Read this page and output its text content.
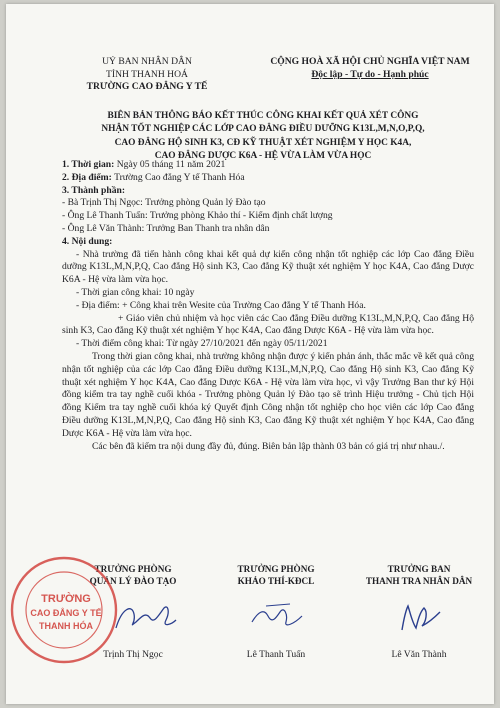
UỶ BAN NHÂN DÂN
TỈNH THANH HOÁ
TRƯỜNG CAO ĐẲNG Y TẾ
CỘNG HOÀ XÃ HỘI CHỦ NGHĨA VIỆT NAM
Độc lập - Tự do - Hạnh phúc
BIÊN BẢN THÔNG BÁO KẾT THÚC CÔNG KHAI KẾT QUẢ XÉT CÔNG
NHẬN TỐT NGHIỆP CÁC LỚP CAO ĐẲNG ĐIỀU DƯỠNG K13L,M,N,O,P,Q,
CAO ĐẲNG HỘ SINH K3, CĐ KỸ THUẬT XÉT NGHIỆM Y HỌC K4A,
CAO ĐẲNG DƯỢC K6A - HỆ VỪA LÀM VỪA HỌC

1. Thời gian: Ngày 05 tháng 11 năm 2021

2. Địa điểm: Trường Cao đẳng Y tế Thanh Hóa

3. Thành phần:

- Bà Trịnh Thị Ngọc: Trưởng phòng Quản lý Đào tạo

- Ông Lê Thanh Tuấn: Trưởng phòng Khảo thí - Kiểm định chất lượng

- Ông Lê Văn Thành: Trưởng Ban Thanh tra nhân dân

4. Nội dung:

- Nhà trường đã tiến hành công khai kết quả dự kiến công nhận tốt nghiệp các lớp Cao đẳng Điều dưỡng K13L,M,N,P,Q, Cao đẳng Hộ sinh K3, Cao đẳng Kỹ thuật xét nghiệm Y học K4A, Cao đẳng Dược K6A - Hệ vừa làm vừa học.

- Thời gian công khai: 10 ngày

- Địa điểm: + Công khai trên Wesite của Trường Cao đẳng Y tế Thanh Hóa.

+ Giáo viên chủ nhiệm và học viên các Cao đẳng Điều dưỡng K13L,M,N,P,Q, Cao đẳng Hộ sinh K3, Cao đẳng Kỹ thuật xét nghiệm Y học K4A, Cao đẳng Dược K6A - Hệ vừa làm vừa học.

- Thời điểm công khai: Từ ngày 27/10/2021 đến ngày 05/11/2021

Trong thời gian công khai, nhà trường không nhận được ý kiến phản ánh, thắc mắc về kết quả công nhận tốt nghiệp của các lớp Cao đẳng Điều dưỡng K13L,M,N,P,Q, Cao đẳng Hộ sinh K3, Cao đẳng Kỹ thuật xét nghiệm Y học K4A, Cao đẳng Dược K6A - Hệ vừa làm vừa học, vì vậy Trưởng Ban thư ký Hội đồng kiểm tra tay nghề cuối khóa - Trưởng phòng Quản lý Đào tạo sẽ trình Hiệu trưởng - Chủ tịch Hội đồng Kiểm tra tay nghề cuối khóa ký Quyết định Công nhận tốt nghiệp cho học viên các lớp Cao đẳng Điều dưỡng K13L,M,N,P,Q, Cao đẳng Hộ sinh K3, Cao đẳng Kỹ thuật xét nghiệm Y học K4A, Cao đẳng Dược K6A - Hệ vừa làm vừa học.

Các bên đã kiểm tra nội dung đầy đủ, đúng. Biên bản lập thành 03 bản có giá trị như nhau./.

TRƯỞNG PHÒNG
QUẢN LÝ ĐÀO TẠO
Trịnh Thị Ngọc
TRƯỞNG PHÒNG
KHẢO THÍ-KĐCL
Lê Thanh Tuấn
TRƯỞNG BAN
THANH TRA NHÂN DÂN
Lê Văn Thành
TRƯỜNG
CAO ĐẲNG Y TẾ
THANH HÓA
